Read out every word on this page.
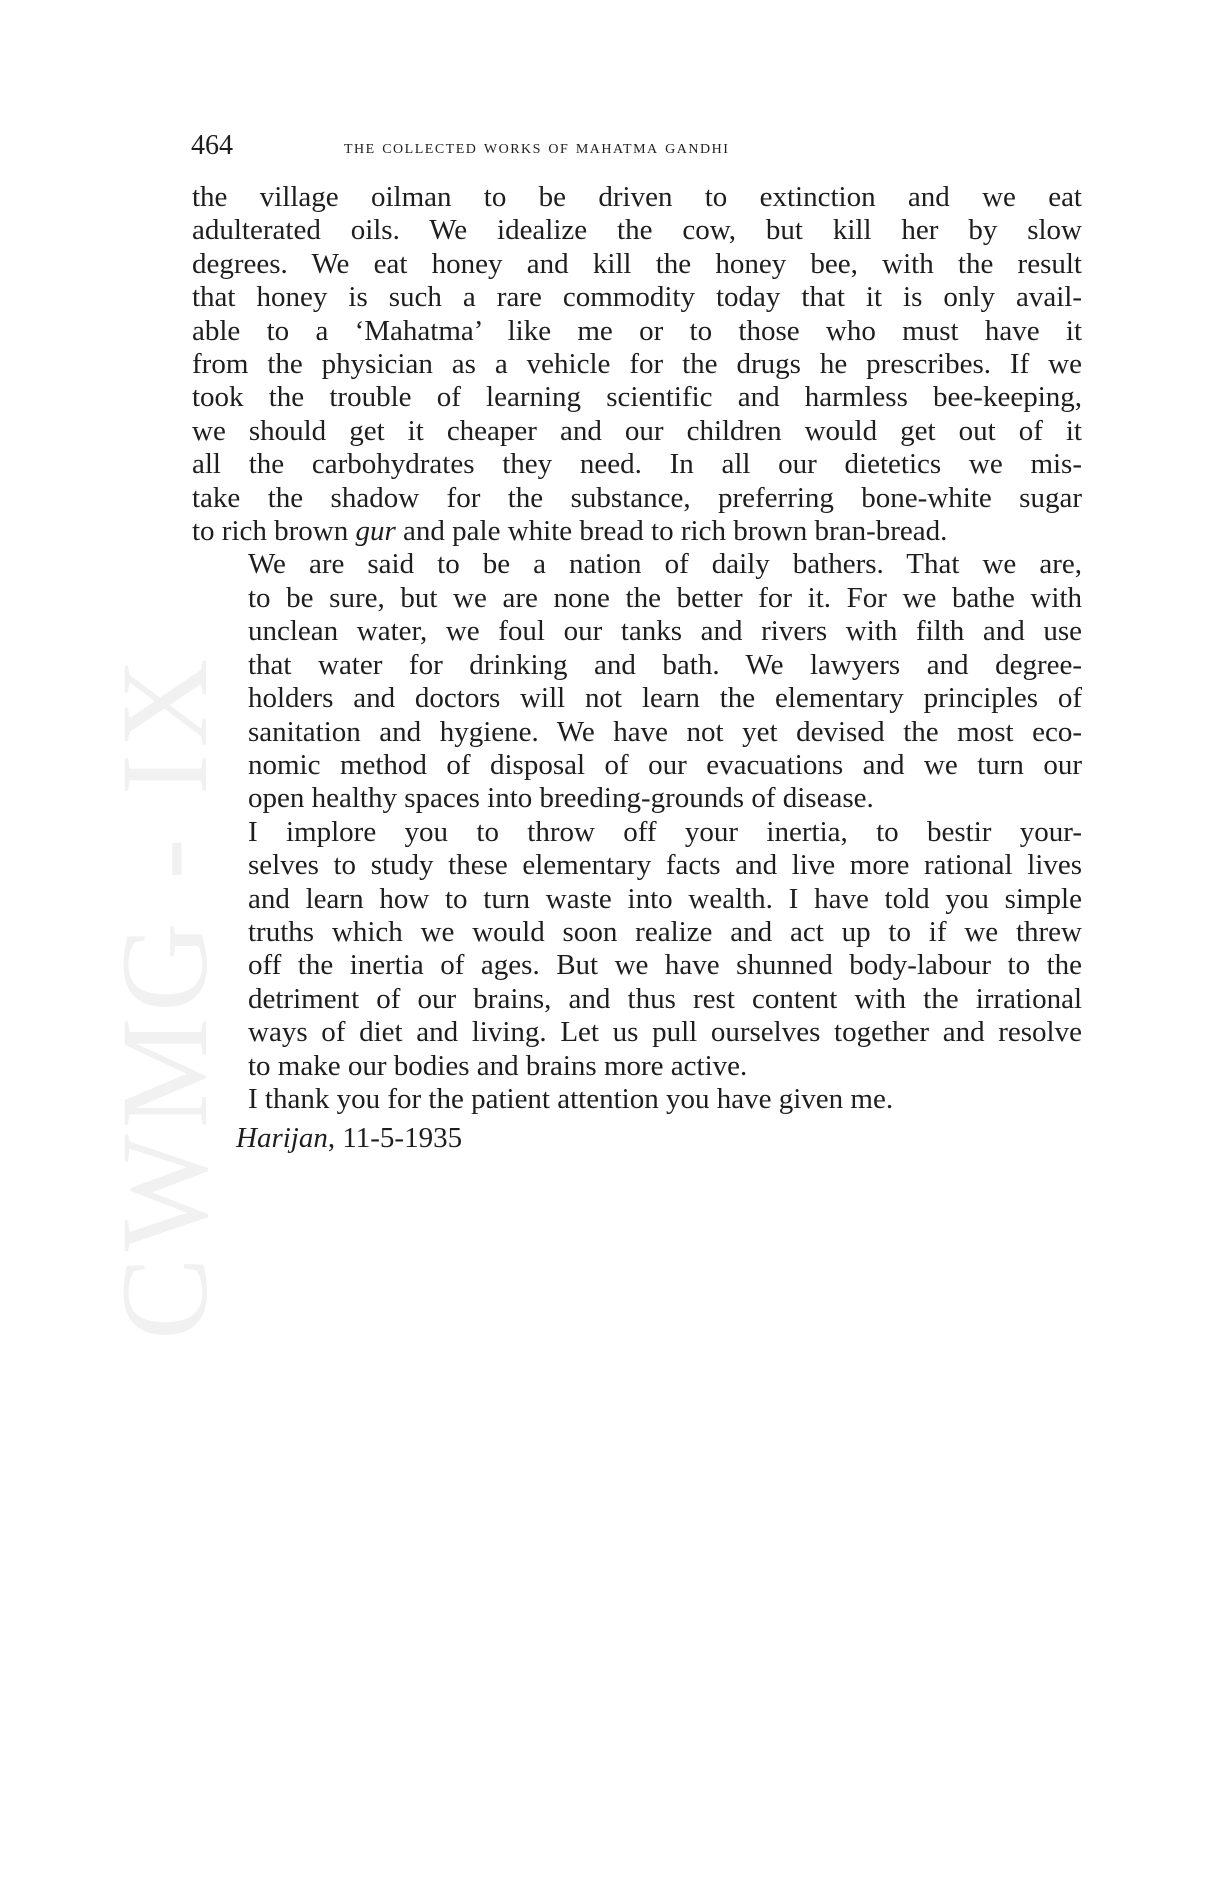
CWMG - IX
464	the collected works of mahatma gandhi

the village oilman to be driven to extinction and we eat
adulterated oils. We idealize the cow, but kill her by slow
degrees. We eat honey and kill the honey bee, with the result
that honey is such a rare commodity today that it is only avail-
able to a ‘Mahatma’ like me or to those who must have it
from the physician as a vehicle for the drugs he prescribes. If we
took the trouble of learning scientific and harmless bee-keeping,
we should get it cheaper and our children would get out of it
all the carbohydrates they need. In all our dietetics we mis-
take the shadow for the substance, preferring bone-white sugar
to rich brown gur and pale white bread to rich brown bran-bread.

We are said to be a nation of daily bathers. That we are,
to be sure, but we are none the better for it. For we bathe with
unclean water, we foul our tanks and rivers with filth and use
that water for drinking and bath. We lawyers and degree-
holders and doctors will not learn the elementary principles of
sanitation and hygiene. We have not yet devised the most eco-
nomic method of disposal of our evacuations and we turn our
open healthy spaces into breeding-grounds of disease.

I implore you to throw off your inertia, to bestir your-
selves to study these elementary facts and live more rational lives
and learn how to turn waste into wealth. I have told you simple
truths which we would soon realize and act up to if we threw
off the inertia of ages. But we have shunned body-labour to the
detriment of our brains, and thus rest content with the irrational
ways of diet and living. Let us pull ourselves together and resolve
to make our bodies and brains more active.

I thank you for the patient attention you have given me.

Harijan, 11-5-1935
